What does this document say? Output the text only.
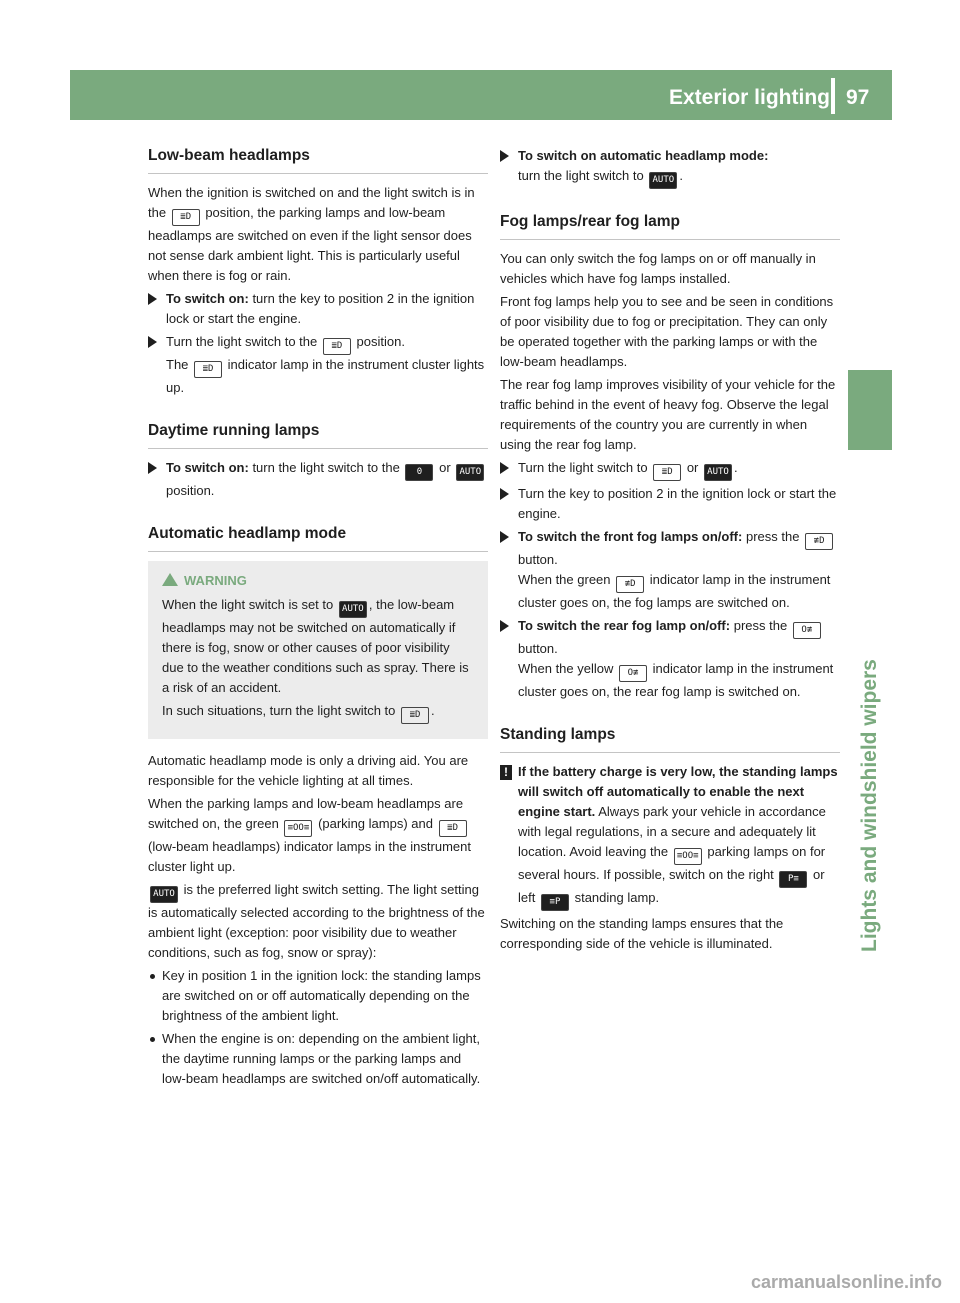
Exterior lighting 97
Lights and windshield wipers
Low-beam headlamps

When the ignition is switched on and the light switch is in the ≣D position, the parking lamps and low-beam headlamps are switched on even if the light sensor does not sense dark ambient light. This is particularly useful when there is fog or rain.

To switch on: turn the key to position 2 in the ignition lock or start the engine.
Turn the light switch to the ≣D position.
The ≣D indicator lamp in the instrument cluster lights up.
Daytime running lamps
To switch on: turn the light switch to the 0 or AUTO position.
Automatic headlamp mode
WARNING

When the light switch is set to AUTO , the low-beam headlamps may not be switched on automatically if there is fog, snow or other causes of poor visibility due to the weather conditions such as spray. There is a risk of an accident.

In such situations, turn the light switch to ≣D .

Automatic headlamp mode is only a driving aid. You are responsible for the vehicle lighting at all times.

When the parking lamps and low-beam headlamps are switched on, the green ≡OO≡ (parking lamps) and ≣D (low-beam headlamps) indicator lamps in the instrument cluster light up.

AUTO is the preferred light switch setting. The light setting is automatically selected according to the brightness of the ambient light (exception: poor visibility due to weather conditions, such as fog, snow or spray):

Key in position 1 in the ignition lock: the standing lamps are switched on or off automatically depending on the brightness of the ambient light.
When the engine is on: depending on the ambient light, the daytime running lamps or the parking lamps and low-beam headlamps are switched on/off automatically.
To switch on automatic headlamp mode:
turn the light switch to AUTO .
Fog lamps/rear fog lamp

You can only switch the fog lamps on or off manually in vehicles which have fog lamps installed.

Front fog lamps help you to see and be seen in conditions of poor visibility due to fog or precipitation. They can only be operated together with the parking lamps or with the low-beam headlamps.

The rear fog lamp improves visibility of your vehicle for the traffic behind in the event of heavy fog. Observe the legal requirements of the country you are currently in when using the rear fog lamp.

Turn the light switch to ≣D or AUTO .
Turn the key to position 2 in the ignition lock or start the engine.
To switch the front fog lamps on/off: press the ≢D button.
When the green ≢D indicator lamp in the instrument cluster goes on, the fog lamps are switched on.
To switch the rear fog lamp on/off: press the O≢ button.
When the yellow O≢ indicator lamp in the instrument cluster goes on, the rear fog lamp is switched on.
Standing lamps
! If the battery charge is very low, the standing lamps will switch off automatically to enable the next engine start. Always park your vehicle in accordance with legal regulations, in a secure and adequately lit location. Avoid leaving the ≡OO≡ parking lamps on for several hours. If possible, switch on the right P≡ or left ≡P standing lamp.

Switching on the standing lamps ensures that the corresponding side of the vehicle is illuminated.

carmanualsonline.info
